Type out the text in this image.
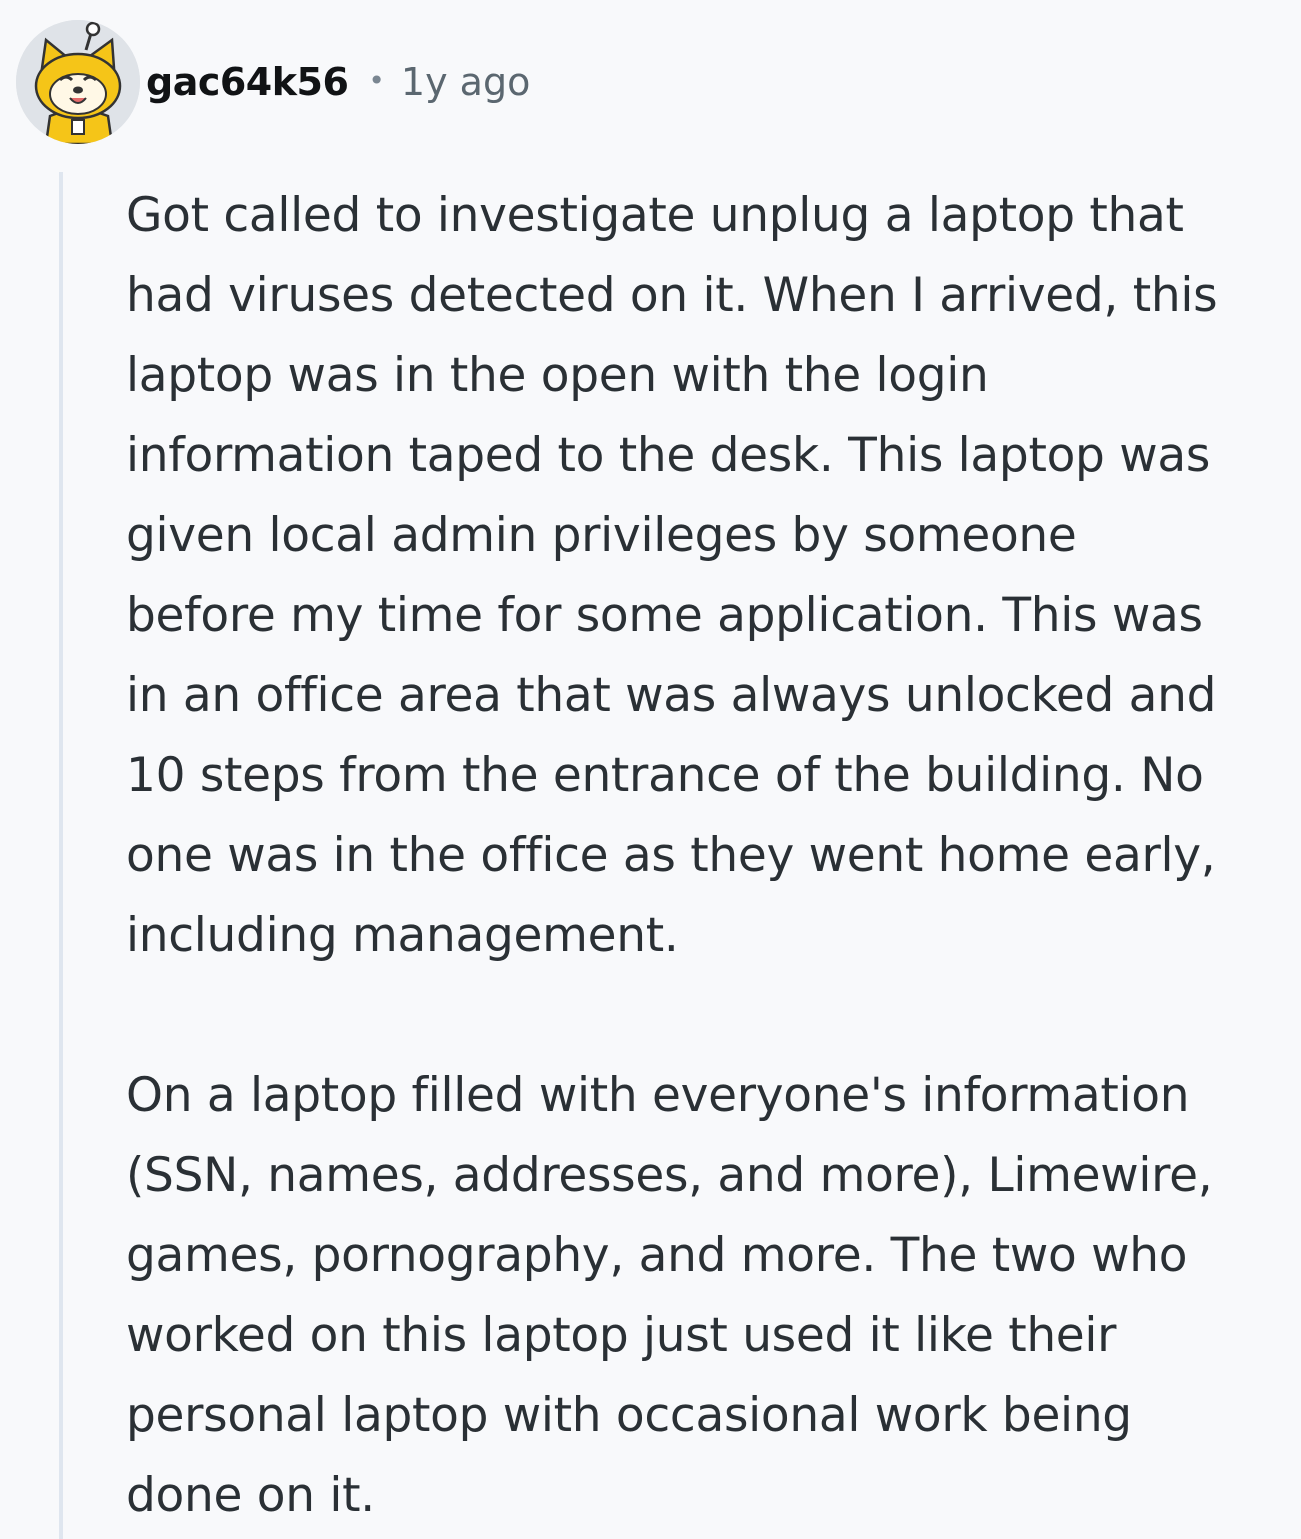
gac64k56 • 1y ago

Got called to investigate unplug a laptop that
had viruses detected on it. When I arrived, this
laptop was in the open with the login
information taped to the desk. This laptop was
given local admin privileges by someone
before my time for some application. This was
in an office area that was always unlocked and
10 steps from the entrance of the building. No
one was in the office as they went home early,
including management.

On a laptop filled with everyone's information
(SSN, names, addresses, and more), Limewire,
games, pornography, and more. The two who
worked on this laptop just used it like their
personal laptop with occasional work being
done on it.
